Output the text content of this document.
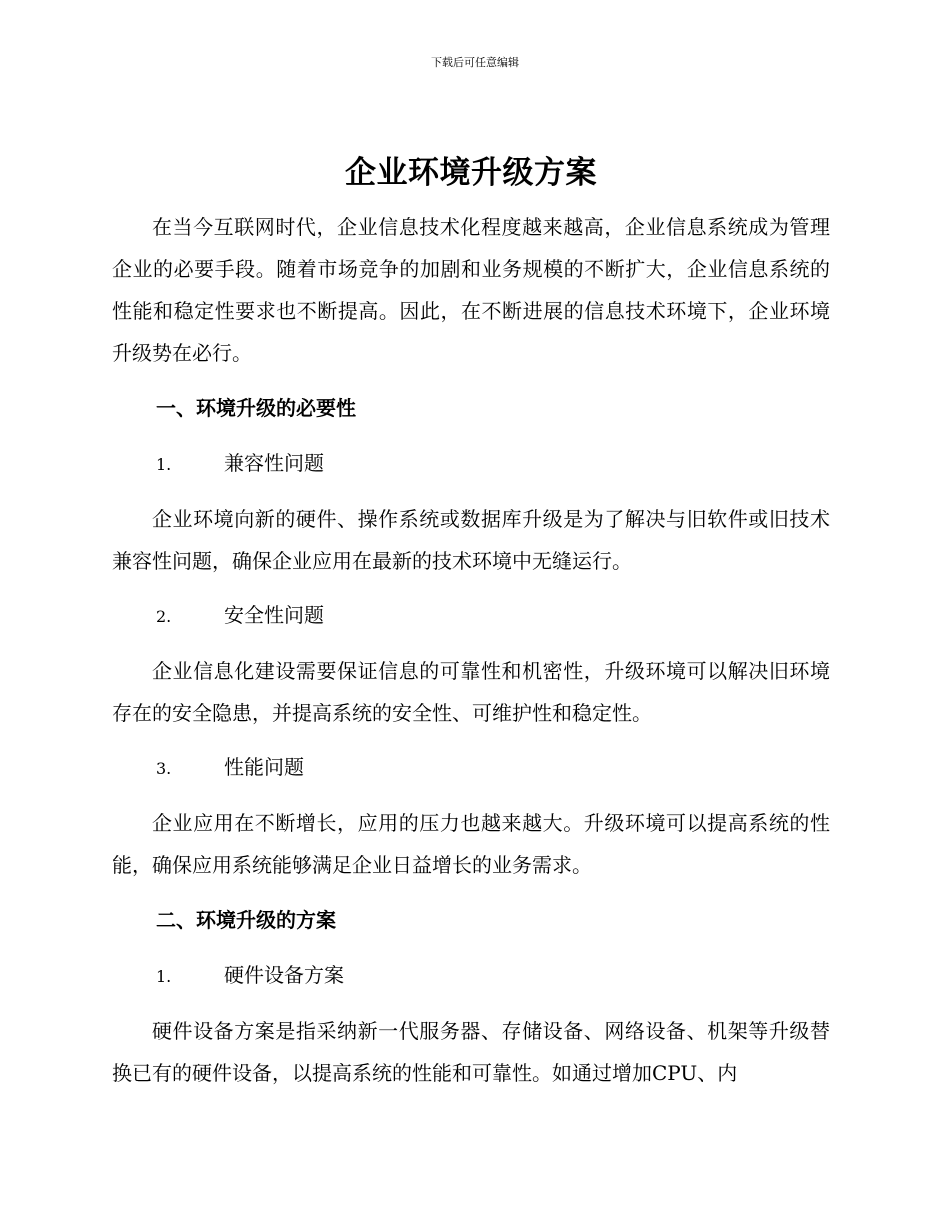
下载后可任意编辑
企业环境升级方案

在当今互联网时代，企业信息技术化程度越来越高，企业信息系统成为管理企业的必要手段。随着市场竞争的加剧和业务规模的不断扩大，企业信息系统的性能和稳定性要求也不断提高。因此，在不断进展的信息技术环境下，企业环境升级势在必行。

一、环境升级的必要性
1.	兼容性问题

企业环境向新的硬件、操作系统或数据库升级是为了解决与旧软件或旧技术兼容性问题，确保企业应用在最新的技术环境中无缝运行。

2.	安全性问题

企业信息化建设需要保证信息的可靠性和机密性，升级环境可以解决旧环境存在的安全隐患，并提高系统的安全性、可维护性和稳定性。

3.	性能问题

企业应用在不断增长，应用的压力也越来越大。升级环境可以提高系统的性能，确保应用系统能够满足企业日益增长的业务需求。

二、环境升级的方案
1.	硬件设备方案

硬件设备方案是指采纳新一代服务器、存储设备、网络设备、机架等升级替换已有的硬件设备，以提高系统的性能和可靠性。如通过增加CPU、内
